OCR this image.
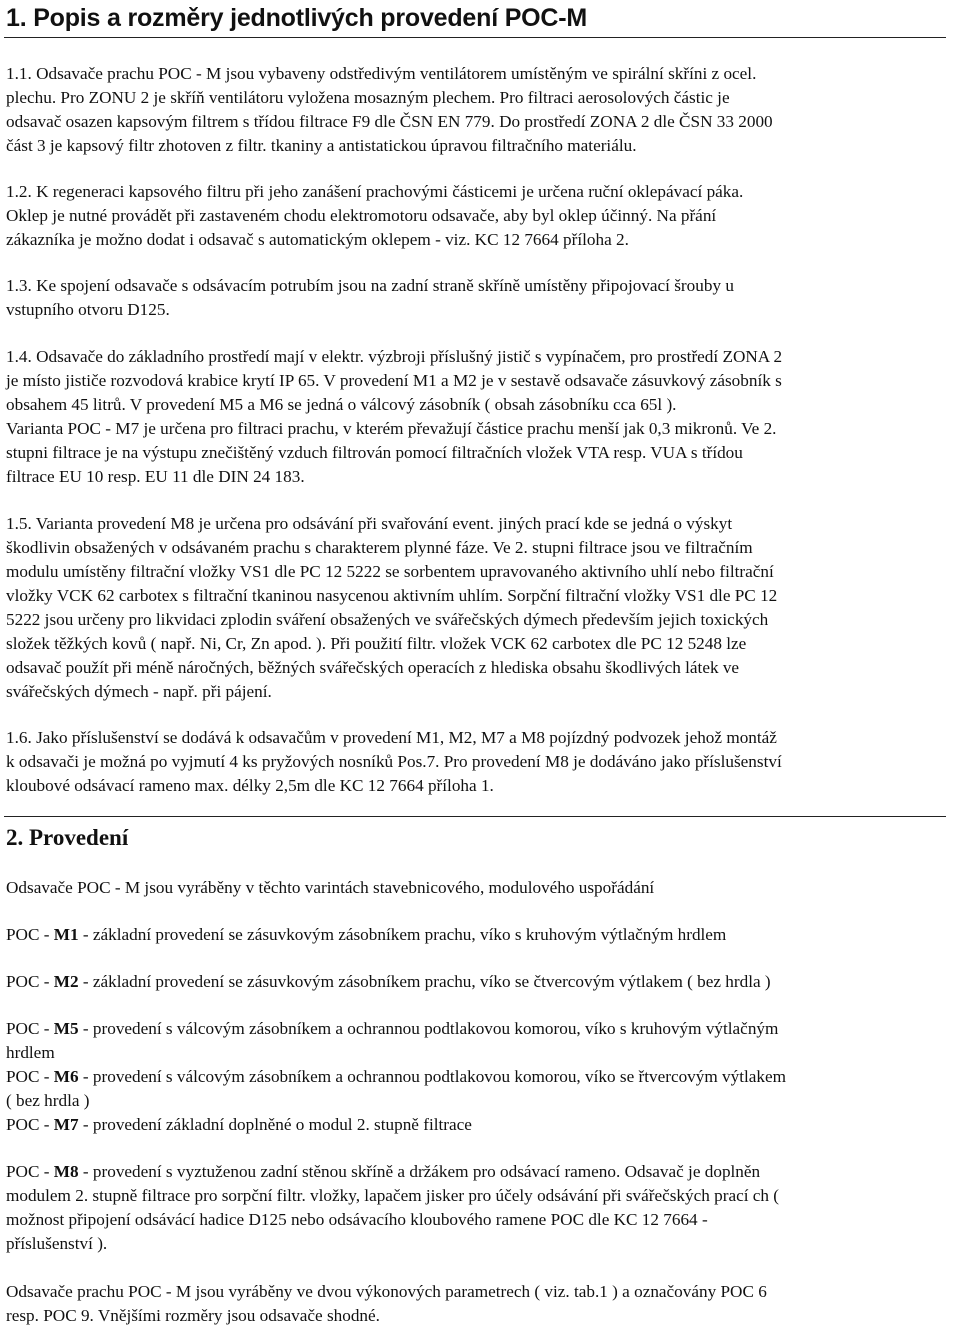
1. Popis a rozměry jednotlivých provedení POC-M
1.1. Odsavače prachu POC - M jsou vybaveny odstředivým ventilátorem umístěným ve spirální skříni z ocel.
plechu. Pro ZONU 2 je skříň ventilátoru vyložena mosazným plechem. Pro filtraci aerosolových částic je
odsavač osazen kapsovým filtrem s třídou filtrace F9 dle ČSN EN 779. Do prostředí ZONA 2 dle ČSN 33 2000
část 3 je kapsový filtr zhotoven z filtr. tkaniny a antistatickou úpravou filtračního materiálu.
1.2. K regeneraci kapsového filtru při jeho zanášení prachovými částicemi je určena ruční oklepávací páka.
Oklep je nutné provádět při zastaveném chodu elektromotoru odsavače, aby byl oklep účinný. Na přání
zákazníka je možno dodat i odsavač s automatickým oklepem - viz. KC 12 7664 příloha 2.
1.3. Ke spojení odsavače s odsávacím potrubím jsou na zadní straně skříně umístěny připojovací šrouby u
vstupního otvoru D125.
1.4. Odsavače do základního prostředí mají v elektr. výzbroji příslušný jistič s vypínačem, pro prostředí ZONA 2
je místo jističe rozvodová krabice krytí IP 65. V provedení M1 a M2 je v sestavě odsavače zásuvkový zásobník s
obsahem 45 litrů. V provedení M5 a M6 se jedná o válcový zásobník ( obsah zásobníku cca 65l ).
Varianta POC - M7 je určena pro filtraci prachu, v kterém převažují částice prachu menší jak 0,3 mikronů. Ve 2.
stupni filtrace je na výstupu znečištěný vzduch filtrován pomocí filtračních vložek VTA resp. VUA s třídou
filtrace EU 10 resp. EU 11 dle DIN 24 183.
1.5. Varianta provedení M8 je určena pro odsávání při svařování event. jiných prací kde se jedná o výskyt
škodlivin obsažených v odsávaném prachu s charakterem plynné fáze. Ve 2. stupni filtrace jsou ve filtračním
modulu umístěny filtrační vložky VS1 dle PC 12 5222 se sorbentem upravovaného aktivního uhlí nebo filtrační
vložky VCK 62 carbotex s filtrační tkaninou nasycenou aktivním uhlím. Sorpční filtrační vložky VS1 dle PC 12
5222 jsou určeny pro likvidaci zplodin sváření obsažených ve svářečských dýmech především jejich toxických
složek těžkých kovů ( např. Ni, Cr, Zn apod. ). Při použití filtr. vložek VCK 62 carbotex dle PC 12 5248 lze
odsavač použít při méně náročných, běžných svářečských operacích z hlediska obsahu škodlivých látek ve
svářečských dýmech - např. při pájení.
1.6. Jako příslušenství se dodává k odsavačům v provedení M1, M2, M7 a M8 pojízdný podvozek jehož montáž
k odsavači je možná po vyjmutí 4 ks pryžových nosníků Pos.7. Pro provedení M8 je dodáváno jako příslušenství
kloubové odsávací rameno max. délky 2,5m dle KC 12 7664 příloha 1.
2. Provedení
Odsavače POC - M jsou vyráběny v těchto varintách stavebnicového, modulového uspořádání
POC - M1 - základní provedení se zásuvkovým zásobníkem prachu, víko s kruhovým výtlačným hrdlem
POC - M2 - základní provedení se zásuvkovým zásobníkem prachu, víko se čtvercovým výtlakem ( bez hrdla )
POC - M5 - provedení s válcovým zásobníkem a ochrannou podtlakovou komorou, víko s kruhovým výtlačným
hrdlem
POC - M6 - provedení s válcovým zásobníkem a ochrannou podtlakovou komorou, víko se řtvercovým výtlakem
( bez hrdla )
POC - M7 - provedení základní doplněné o modul 2. stupně filtrace
POC - M8 - provedení s vyztuženou zadní stěnou skříně a držákem pro odsávací rameno. Odsavač je doplněn
modulem 2. stupně filtrace pro sorpční filtr. vložky, lapačem jisker pro účely odsávání při svářečských prací ch (
možnost připojení odsávácí hadice D125 nebo odsávacího kloubového ramene POC dle KC 12 7664 -
příslušenství ).
Odsavače prachu POC - M jsou vyráběny ve dvou výkonových parametrech ( viz. tab.1 ) a označovány POC 6
resp. POC 9. Vnějšími rozměry jsou odsavače shodné.
